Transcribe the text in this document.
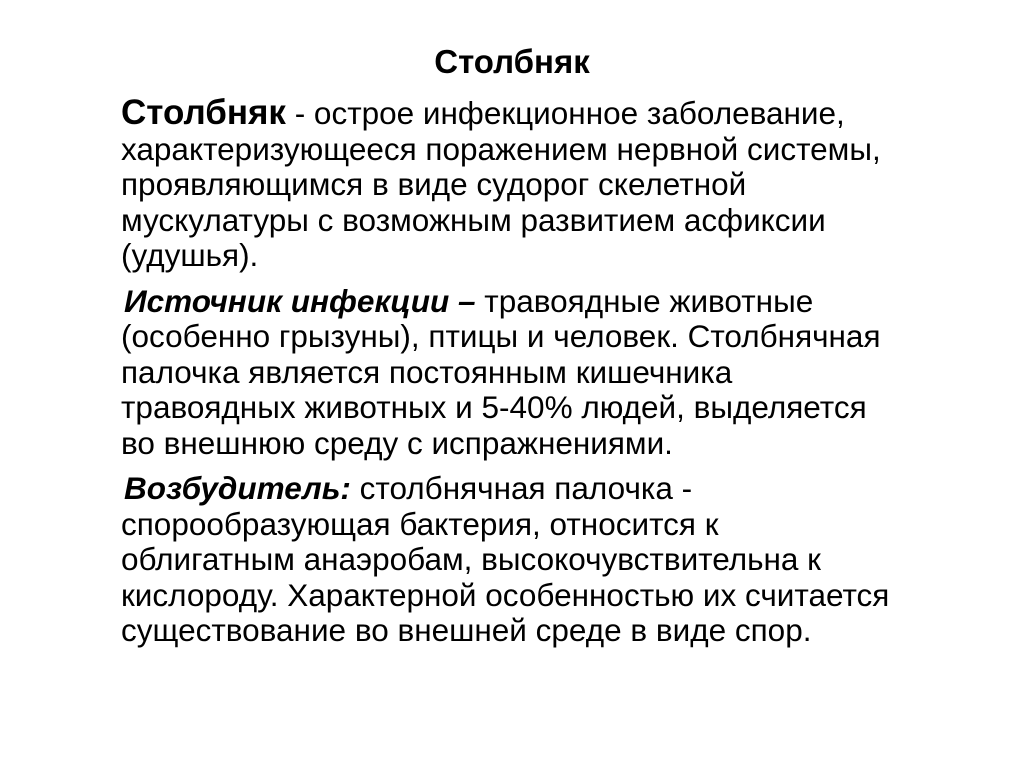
Столбняк
Столбняк - острое инфекционное заболевание,
характеризующееся поражением нервной системы,
проявляющимся в виде судорог скелетной
мускулатуры с возможным развитием асфиксии
(удушья).
Источник инфекции – травоядные животные
(особенно грызуны), птицы и человек. Столбнячная
палочка является постоянным кишечника
травоядных животных и 5-40% людей, выделяется
во внешнюю среду с испражнениями.
Возбудитель: столбнячная палочка -
спорообразующая бактерия, относится к
облигатным анаэробам, высокочувствительна к
кислороду. Характерной особенностью их считается
существование во внешней среде в виде спор.
